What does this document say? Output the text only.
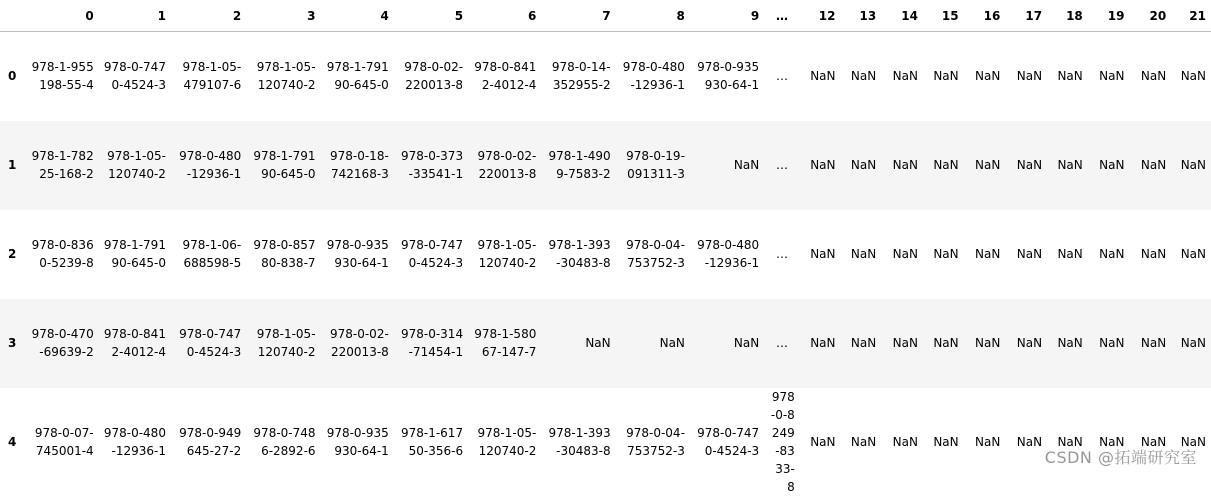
	0	1	2	3	4	5	6	7	8	9	…	12	13	14	15	16	17	18	19	20	21
0	978-1-955198-55-4	978-0-7470-4524-3	978-1-05-479107-6	978-1-05-120740-2	978-1-79190-645-0	978-0-02-220013-8	978-0-8412-4012-4	978-0-14-352955-2	978-0-480-12936-1	978-0-935930-64-1	…	NaN	NaN	NaN	NaN	NaN	NaN	NaN	NaN	NaN	NaN
1	978-1-78225-168-2	978-1-05-120740-2	978-0-480-12936-1	978-1-79190-645-0	978-0-18-742168-3	978-0-373-33541-1	978-0-02-220013-8	978-1-4909-7583-2	978-0-19-091311-3	NaN	…	NaN	NaN	NaN	NaN	NaN	NaN	NaN	NaN	NaN	NaN
2	978-0-8360-5239-8	978-1-79190-645-0	978-1-06-688598-5	978-0-85780-838-7	978-0-935930-64-1	978-0-7470-4524-3	978-1-05-120740-2	978-1-393-30483-8	978-0-04-753752-3	978-0-480-12936-1	…	NaN	NaN	NaN	NaN	NaN	NaN	NaN	NaN	NaN	NaN
3	978-0-470-69639-2	978-0-8412-4012-4	978-0-7470-4524-3	978-1-05-120740-2	978-0-02-220013-8	978-0-314-71454-1	978-1-58067-147-7	NaN	NaN	NaN	…	NaN	NaN	NaN	NaN	NaN	NaN	NaN	NaN	NaN	NaN
4	978-0-07-745001-4	978-0-480-12936-1	978-0-949645-27-2	978-0-7486-2892-6	978-0-935930-64-1	978-1-61750-356-6	978-1-05-120740-2	978-1-393-30483-8	978-0-04-753752-3	978-0-7470-4524-3	978-0-8249-8333-8	NaN	NaN	NaN	NaN	NaN	NaN	NaN	NaN	NaN	NaN
CSDN @拓端研究室
